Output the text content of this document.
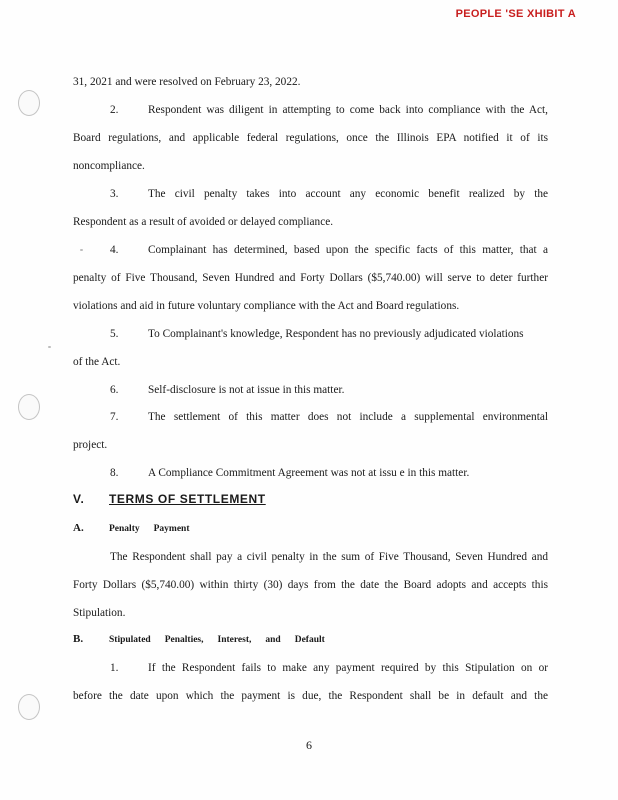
PEOPLE 'SE XHIBIT A
31, 2021 and were resolved on February 23, 2022.
2.	Respondent was diligent in attempting to come back into compliance with the Act,
Board regulations, and applicable federal regulations, once the Illinois EPA notified it of its
noncompliance.
3.	The civil penalty takes into account any economic benefit realized by the
Respondent as a result of avoided or delayed compliance.
4.	Complainant has determined, based upon the specific facts of this matter, that a
penalty of Five Thousand, Seven Hundred and Forty Dollars ($5,740.00) will serve to deter further
violations and aid in future voluntary compliance with the Act and Board regulations.
5.	To Complainant's knowledge, Respondent has no previously adjudicated violations
of the Act.
6.	Self-disclosure is not at issue in this matter.
7.	The settlement of this matter does not include a supplemental environmental
project.
8.	A Compliance Commitment Agreement was not at issu e in this matter.
V. TERMS OF SETTLEMENT
A.	Penalty Payment
The Respondent shall pay a civil penalty in the sum of Five Thousand, Seven Hundred and
Forty Dollars ($5,740.00) within thirty (30) days from the date the Board adopts and accepts this
Stipulation.
B.	Stipulated Penalties, Interest, and Default
1.	If the Respondent fails to make any payment required by this Stipulation on or
before the date upon which the payment is due, the Respondent shall be in default and the
6
